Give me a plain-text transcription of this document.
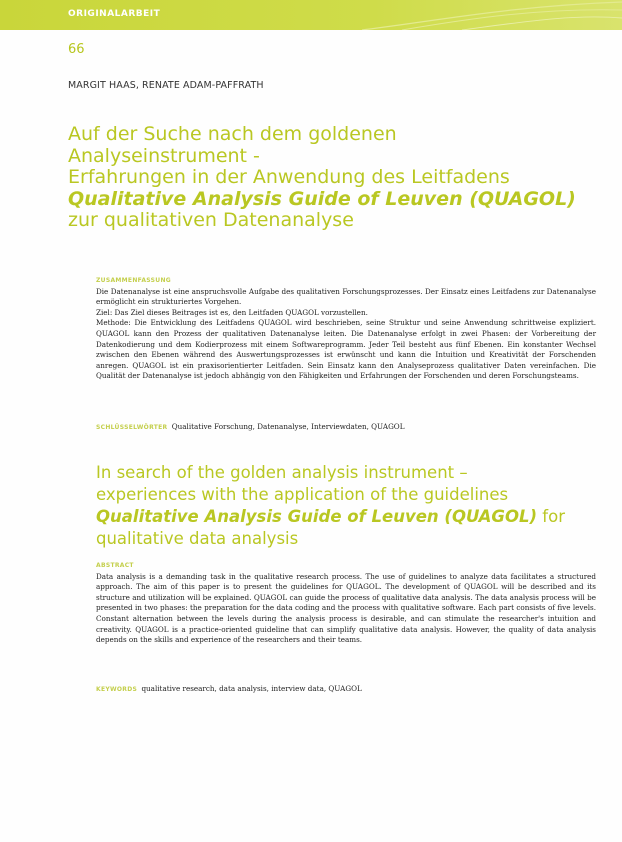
ORIGINALARBEIT
66
MARGIT HAAS, RENATE ADAM-PAFFRATH
Auf der Suche nach dem goldenen
Analyseinstrument -
Erfahrungen in der Anwendung des Leitfadens
Qualitative Analysis Guide of Leuven (QUAGOL)
zur qualitativen Datenanalyse
ZUSAMMENFASSUNG

Die Datenanalyse ist eine anspruchsvolle Aufgabe des qualitativen Forschungsprozesses. Der Einsatz eines Leitfadens zur Datenanalyse ermöglicht ein strukturiertes Vorgehen.

Ziel: Das Ziel dieses Beitrages ist es, den Leitfaden QUAGOL vorzustellen.

Methode: Die Entwicklung des Leitfadens QUAGOL wird beschrieben, seine Struktur und seine Anwendung schrittweise expliziert. QUAGOL kann den Prozess der qualitativen Datenanalyse leiten. Die Datenanalyse erfolgt in zwei Phasen: der Vorbereitung der Datenkodierung und dem Kodierprozess mit einem Softwareprogramm. Jeder Teil besteht aus fünf Ebenen. Ein konstanter Wechsel zwischen den Ebenen während des Auswertungsprozesses ist erwünscht und kann die Intuition und Kreativität der Forschenden anregen. QUAGOL ist ein praxisorientierter Leitfaden. Sein Einsatz kann den Analyseprozess qualitativer Daten vereinfachen. Die Qualität der Datenanalyse ist jedoch abhängig von den Fähigkeiten und Erfahrungen der Forschenden und deren Forschungsteams.

SCHLÜSSELWÖRTER Qualitative Forschung, Datenanalyse, Interviewdaten, QUAGOL
In search of the golden analysis instrument –
experiences with the application of the guidelines
Qualitative Analysis Guide of Leuven (QUAGOL) for
qualitative data analysis
ABSTRACT

Data analysis is a demanding task in the qualitative research process. The use of guidelines to analyze data facilitates a structured approach. The aim of this paper is to present the guidelines for QUAGOL. The development of QUAGOL will be described and its structure and utilization will be explained. QUAGOL can guide the process of qualitative data analysis. The data analysis process will be presented in two phases: the preparation for the data coding and the process with qualitative software. Each part consists of five levels. Constant alternation between the levels during the analysis process is desirable, and can stimulate the researcher's intuition and creativity. QUAGOL is a practice-oriented guideline that can simplify qualitative data analysis. However, the quality of data analysis depends on the skills and experience of the researchers and their teams.

KEYWORDS qualitative research, data analysis, interview data, QUAGOL
